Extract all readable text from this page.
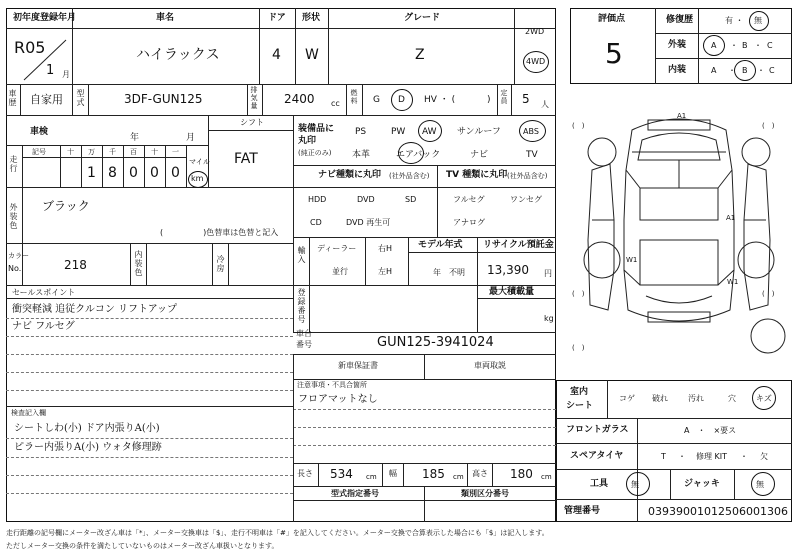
初年度登録年月	車名	ドア 形状	グレード
R05
1 月
ハイラックス	4 W	Z
2WD
4WD
車歴 自家用 型式	3DF-GUN125	排気量 2400 cc 燃料 G D HV ・ (	) 定員 5 人
車検
年	月
シフト
FAT
装備品に
丸印
(純正のみ)
PS	PW AW サンルーフ	ABS
本革	エアバック	ナビ	TV
走行
記号	十 万 千 百 十 一
1 8 0 0 0
マイル
km	ナビ種類に丸印 (社外品含む) TV 種類に丸印 (社外品含む)
HDD	DVD	SD
CD	DVD 再生可
フルセグ	ワンセグ
アナログ
外装色 ブラック
(　　　　　)色替車は色替と記入
カラー
No.	218	内装色	冷房	輸入 ディーラー
並行
右H
左H
モデル年式
年　不明
リサイクル預託金
13,390 円
セールスポイント
衝突軽減 追従クルコン リフトアップ
ナビ フルセグ
登録番号	最大積載量
kg
車台
番号	GUN125-3941024
新車保証書	車両取説
注意事項・不具合箇所
フロアマットなし
検査記入欄
シートしわ(小) ドア内張りA(小)
ピラー内張りA(小) ウォタ修理跡
長さ 534 cm 幅 185 cm 高さ 180 cm
型式指定番号	類別区分番号
走行距離の記号欄にメーター改ざん車は「*」、メーター交換車は「$」、走行不明車は「#」を記入してください。メーター交換で合算表示した場合にも「$」は記入します。
ただしメーター交換の条件を満たしていないものはメーター改ざん車扱いとなります。
評価点
5
修復歴	有 ・ 無
外装	A ・ B ・ C
内装	A ・ B ・ C
(　)	(　)
(　)	(　)
(　)
A1
A1
W1
W1
室内
シート
コゲ 破れ	汚れ	穴	キズ
フロントガラス	A　・　×要ス
スペアタイヤ	T ・ 修理 KIT ・ 欠
工具	無	ジャッキ	無
管理番号	03939001012506001306
